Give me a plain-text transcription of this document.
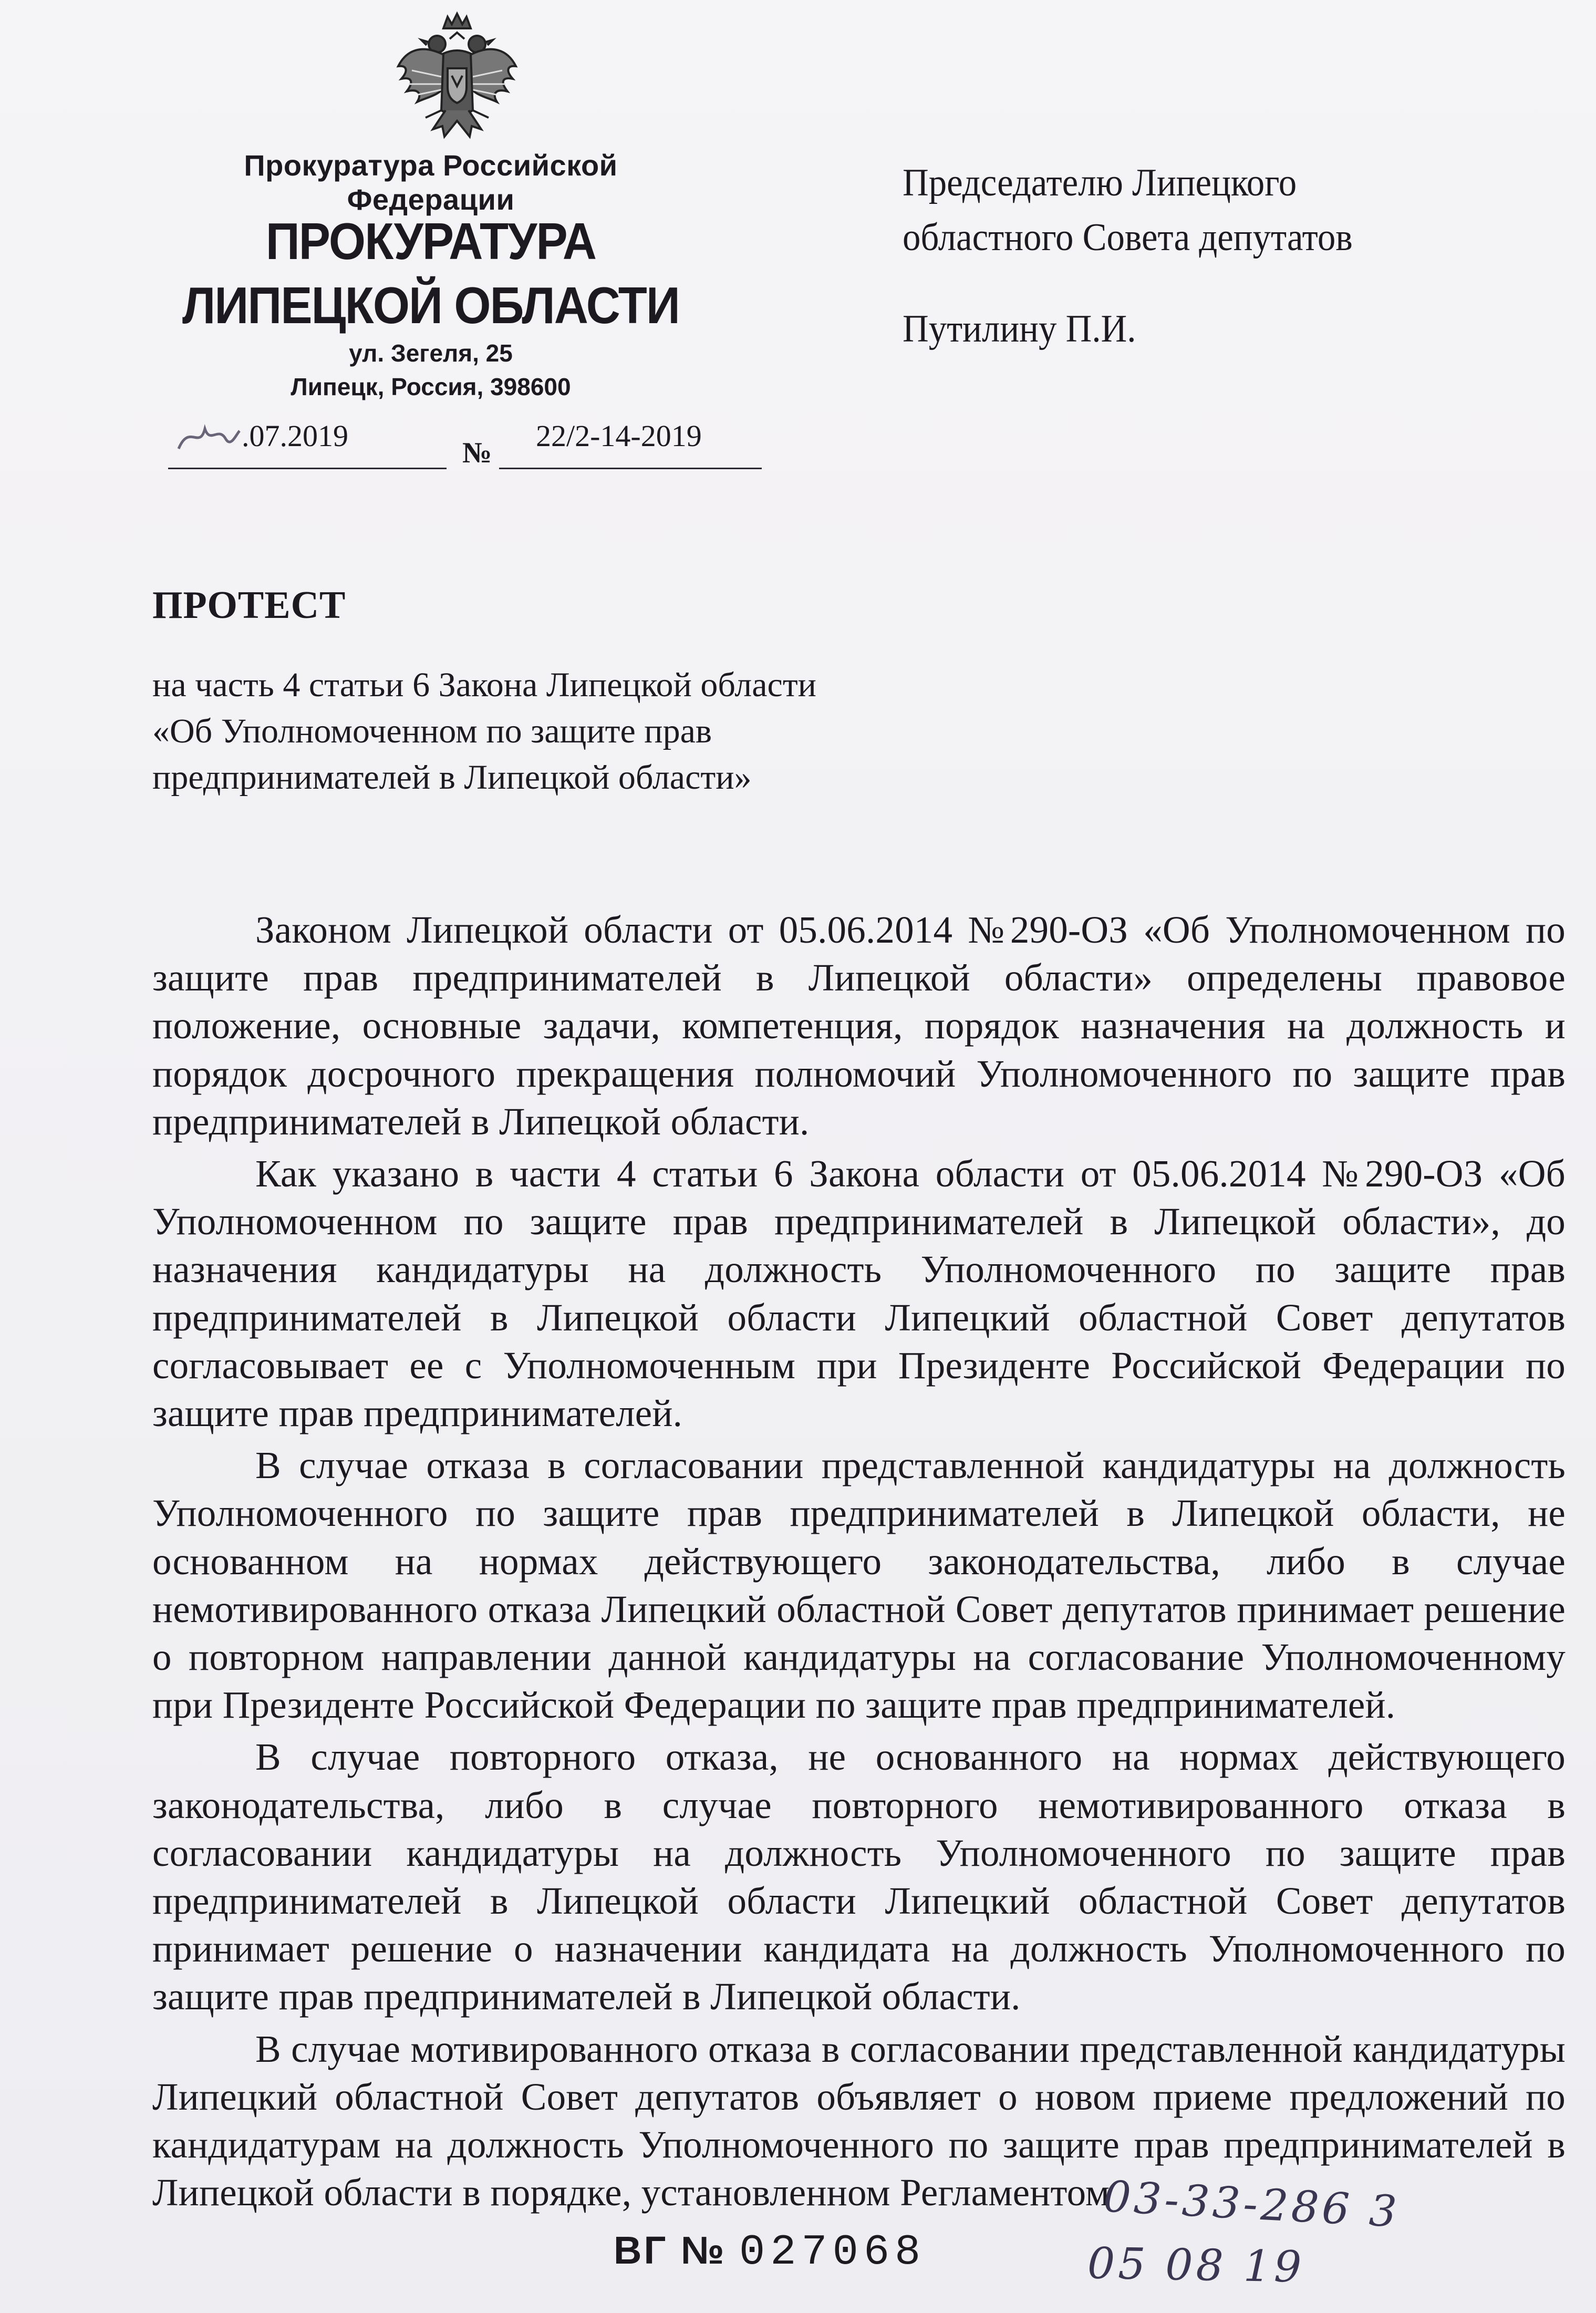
Прокуратура Российской Федерации
ПРОКУРАТУРА
ЛИПЕЦКОЙ ОБЛАСТИ
ул. Зегеля, 25
Липецк, Россия, 398600
.07.2019	№ 22/2-14-2019
Председателю Липецкого
областного Совета депутатов
Путилину П.И.
ПРОТЕСТ
на часть 4 статьи 6 Закона Липецкой области
«Об Уполномоченном по защите прав
предпринимателей в Липецкой области»

Законом Липецкой области от 05.06.2014 №290-ОЗ «Об Уполномоченном по защите прав предпринимателей в Липецкой области» определены правовое положение, основные задачи, компетенция, порядок назначения на должность и порядок досрочного прекращения полномочий Уполномоченного по защите прав предпринимателей в Липецкой области.

Как указано в части 4 статьи 6 Закона области от 05.06.2014 №290-ОЗ «Об Уполномоченном по защите прав предпринимателей в Липецкой области», до назначения кандидатуры на должность Уполномоченного по защите прав предпринимателей в Липецкой области Липецкий областной Совет депутатов согласовывает ее с Уполномоченным при Президенте Российской Федерации по защите прав предпринимателей.

В случае отказа в согласовании представленной кандидатуры на должность Уполномоченного по защите прав предпринимателей в Липецкой области, не основанном на нормах действующего законодательства, либо в случае немотивированного отказа Липецкий областной Совет депутатов принимает решение о повторном направлении данной кандидатуры на согласование Уполномоченному при Президенте Российской Федерации по защите прав предпринимателей.

В случае повторного отказа, не основанного на нормах действующего законодательства, либо в случае повторного немотивированного отказа в согласовании кандидатуры на должность Уполномоченного по защите прав предпринимателей в Липецкой области Липецкий областной Совет депутатов принимает решение о назначении кандидата на должность Уполномоченного по защите прав предпринимателей в Липецкой области.

В случае мотивированного отказа в согласовании представленной кандидатуры Липецкий областной Совет депутатов объявляет о новом приеме предложений по кандидатурам на должность Уполномоченного по защите прав предпринимателей в Липецкой области в порядке, установленном Регламентом

ВГ № 027068
03-33-286 3
05 08 19
